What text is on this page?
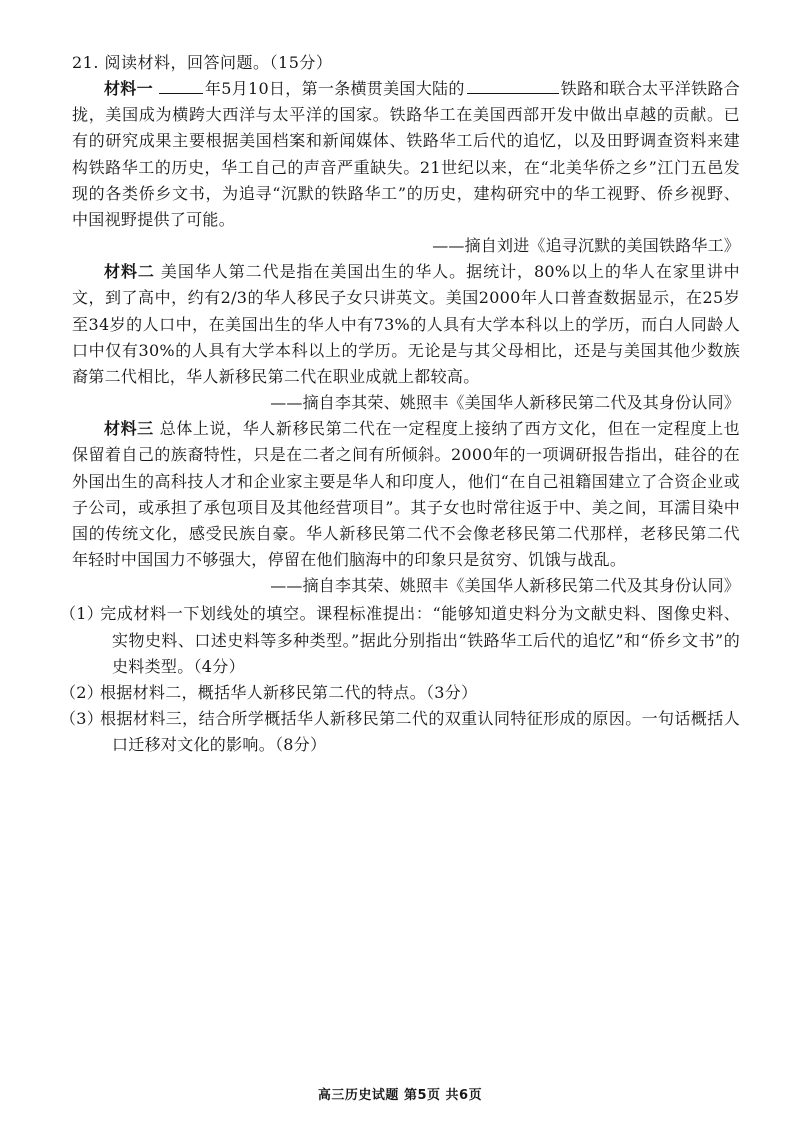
21. 阅读材料，回答问题。（15分）

材料一	年5月10日，第一条横贯美国大陆的	铁路和联合太平洋铁路合拢，美国成为横跨大西洋与太平洋的国家。铁路华工在美国西部开发中做出卓越的贡献。已有的研究成果主要根据美国档案和新闻媒体、铁路华工后代的追忆，以及田野调查资料来建构铁路华工的历史，华工自己的声音严重缺失。21世纪以来，在“北美华侨之乡”江门五邑发现的各类侨乡文书，为追寻“沉默的铁路华工”的历史，建构研究中的华工视野、侨乡视野、中国视野提供了可能。

——摘自刘进《追寻沉默的美国铁路华工》

材料二 美国华人第二代是指在美国出生的华人。据统计，80%以上的华人在家里讲中文，到了高中，约有2/3的华人移民子女只讲英文。美国2000年人口普查数据显示，在25岁至34岁的人口中，在美国出生的华人中有73%的人具有大学本科以上的学历，而白人同龄人口中仅有30%的人具有大学本科以上的学历。无论是与其父母相比，还是与美国其他少数族裔第二代相比，华人新移民第二代在职业成就上都较高。

——摘自李其荣、姚照丰《美国华人新移民第二代及其身份认同》

材料三 总体上说，华人新移民第二代在一定程度上接纳了西方文化，但在一定程度上也保留着自己的族裔特性，只是在二者之间有所倾斜。2000年的一项调研报告指出，硅谷的在外国出生的高科技人才和企业家主要是华人和印度人，他们“在自己祖籍国建立了合资企业或子公司，或承担了承包项目及其他经营项目”。其子女也时常往返于中、美之间，耳濡目染中国的传统文化，感受民族自豪。华人新移民第二代不会像老移民第二代那样，老移民第二代年轻时中国国力不够强大，停留在他们脑海中的印象只是贫穷、饥饿与战乱。

——摘自李其荣、姚照丰《美国华人新移民第二代及其身份认同》

（1）完成材料一下划线处的填空。课程标准提出：“能够知道史料分为文献史料、图像史料、实物史料、口述史料等多种类型。”据此分别指出“铁路华工后代的追忆”和“侨乡文书”的史料类型。（4分）

（2）根据材料二，概括华人新移民第二代的特点。（3分）

（3）根据材料三，结合所学概括华人新移民第二代的双重认同特征形成的原因。一句话概括人口迁移对文化的影响。（8分）

高三历史试题 第5页 共6页
